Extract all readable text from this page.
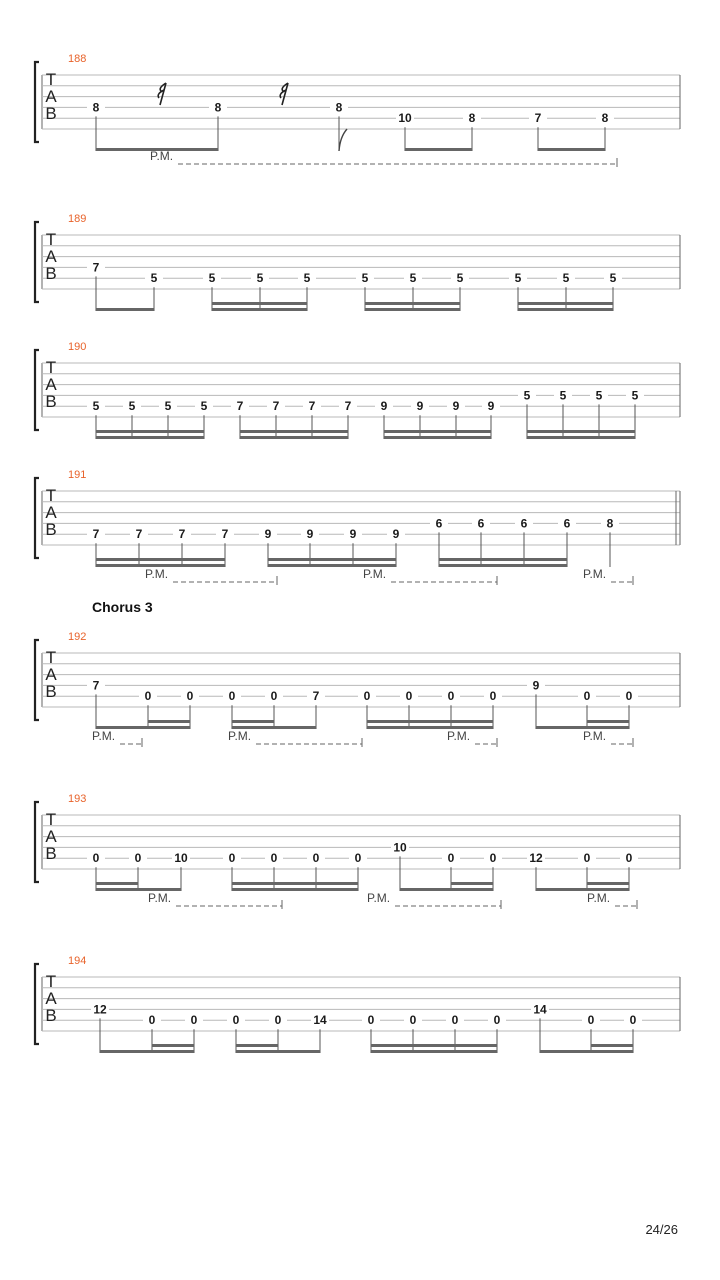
T
A
B
188
8	8	8
10	8	7	8
T
A
B
189
P.M.
7
5	5	5	5	5	5	5	5	5	5
T
A
B
190
5 5 5 5 7 7 7 7 9 9 9 9
5 5 5 5
T
A
B
191
7	7	7	7	9	9	9	9
6	6	6	6	8
T
A
B
192
Chorus 3
P.M.	P.M.	P.M.
7
0	0	0	0	7	0	0	0	0
9
0	0
T
A
B
193
P.M.	P.M.	P.M.	P.M.
0	0	10	0	0	0	0
10
0	0	12	0	0
T
A
B
194
P.M.	P.M.	P.M.
12
0	0	0	0	14	0	0	0	0
14
0	0
24/26
